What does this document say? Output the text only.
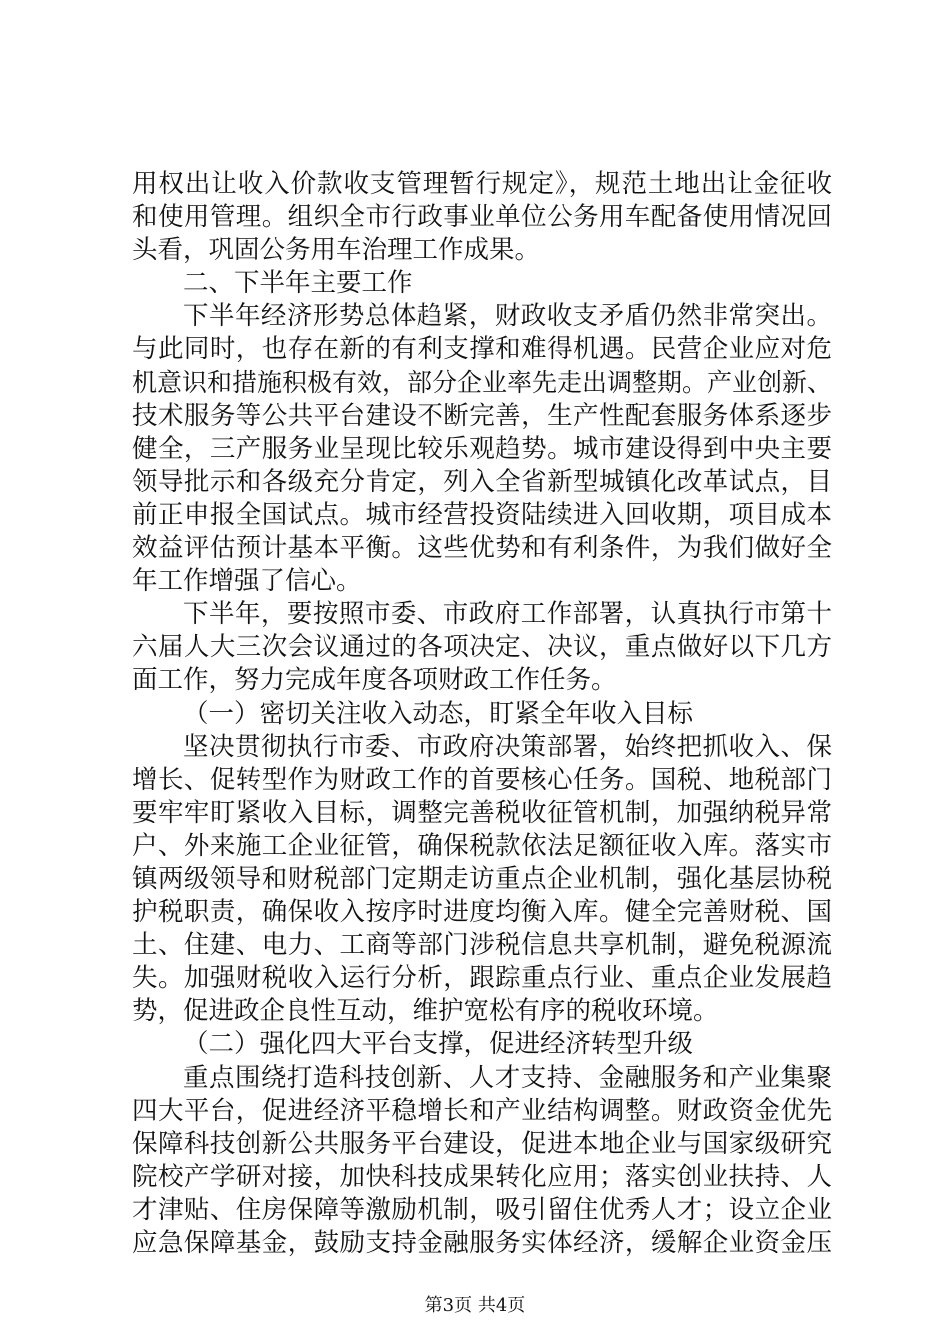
用权出让收入价款收支管理暂行规定》，规范土地出让金征收
和使用管理。组织全市行政事业单位公务用车配备使用情况回
头看，巩固公务用车治理工作成果。
二、下半年主要工作
下半年经济形势总体趋紧，财政收支矛盾仍然非常突出。
与此同时，也存在新的有利支撑和难得机遇。民营企业应对危
机意识和措施积极有效，部分企业率先走出调整期。产业创新、
技术服务等公共平台建设不断完善，生产性配套服务体系逐步
健全，三产服务业呈现比较乐观趋势。城市建设得到中央主要
领导批示和各级充分肯定，列入全省新型城镇化改革试点，目
前正申报全国试点。城市经营投资陆续进入回收期，项目成本
效益评估预计基本平衡。这些优势和有利条件，为我们做好全
年工作增强了信心。
下半年，要按照市委、市政府工作部署，认真执行市第十
六届人大三次会议通过的各项决定、决议，重点做好以下几方
面工作，努力完成年度各项财政工作任务。
（一）密切关注收入动态，盯紧全年收入目标
坚决贯彻执行市委、市政府决策部署，始终把抓收入、保
增长、促转型作为财政工作的首要核心任务。国税、地税部门
要牢牢盯紧收入目标，调整完善税收征管机制，加强纳税异常
户、外来施工企业征管，确保税款依法足额征收入库。落实市
镇两级领导和财税部门定期走访重点企业机制，强化基层协税
护税职责，确保收入按序时进度均衡入库。健全完善财税、国
土、住建、电力、工商等部门涉税信息共享机制，避免税源流
失。加强财税收入运行分析，跟踪重点行业、重点企业发展趋
势，促进政企良性互动，维护宽松有序的税收环境。
（二）强化四大平台支撑，促进经济转型升级
重点围绕打造科技创新、人才支持、金融服务和产业集聚
四大平台，促进经济平稳增长和产业结构调整。财政资金优先
保障科技创新公共服务平台建设，促进本地企业与国家级研究
院校产学研对接，加快科技成果转化应用；落实创业扶持、人
才津贴、住房保障等激励机制，吸引留住优秀人才；设立企业
应急保障基金，鼓励支持金融服务实体经济，缓解企业资金压
第3页 共4页
